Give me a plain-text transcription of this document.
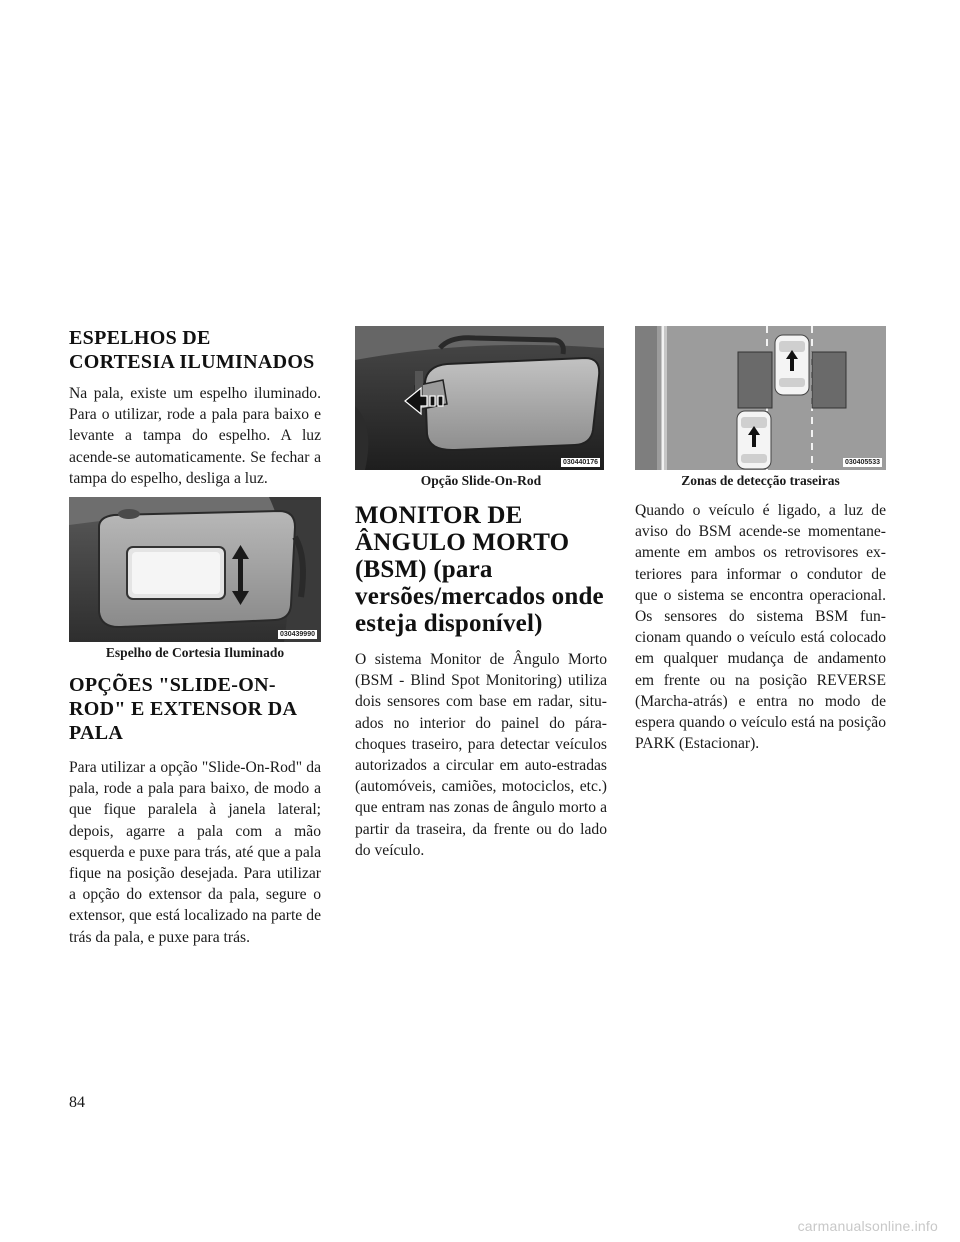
ESPELHOS DE CORTESIA ILUMINADOS

Na pala, existe um espelho iluminado. Para o utilizar, rode a pala para baixo e levante a tampa do espelho. A luz acende-se automaticamente. Se fechar a tampa do espelho, desliga a luz.

030439990
Espelho de Cortesia Iluminado
OPÇÕES "SLIDE-ON-ROD" E EXTENSOR DA PALA

Para utilizar a opção "Slide-On-Rod" da pala, rode a pala para baixo, de modo a que fique paralela à janela lateral; depois, agarre a pala com a mão esquerda e puxe para trás, até que a pala fique na posição desejada. Para utilizar a opção do extensor da pala, segure o extensor, que está localizado na parte de trás da pala, e puxe para trás.

030440176
Opção Slide-On-Rod
MONITOR DE ÂNGULO MORTO (BSM) (para versões/mercados onde esteja disponível)

O sistema Monitor de Ângulo Morto (BSM - Blind Spot Monitoring) utiliza dois sensores com base em radar, situados no interior do painel do pára-choques traseiro, para detectar veículos autorizados a circular em auto-estradas (automóveis, camiões, motociclos, etc.) que entram nas zonas de ângulo morto a partir da traseira, da frente ou do lado do veículo.

030405533
Zonas de detecção traseiras

Quando o veículo é ligado, a luz de aviso do BSM acende-se momentaneamente em ambos os retrovisores exteriores para informar o condutor de que o sistema se encontra operacional. Os sensores do sistema BSM funcionam quando o veículo está colocado em qualquer mudança de andamento em frente ou na posição REVERSE (Marcha-atrás) e entra no modo de espera quando o veículo está na posição PARK (Estacionar).

84
carmanualsonline.info
